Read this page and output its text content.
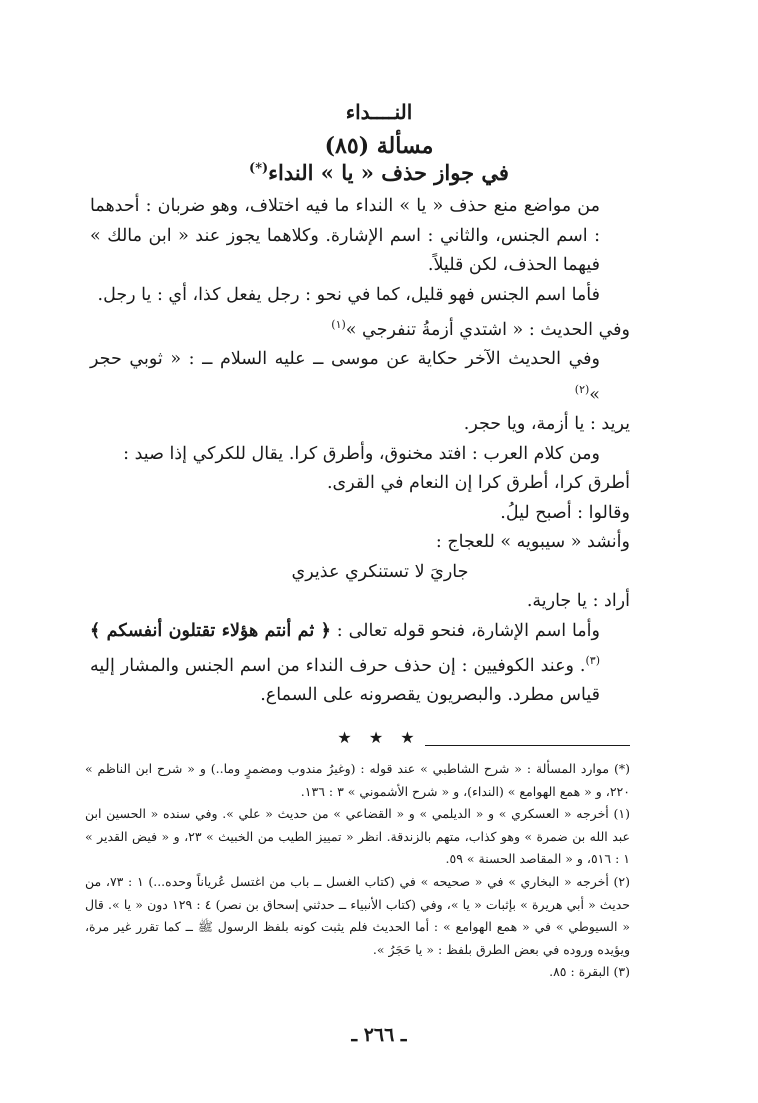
النــــداء
مسألة (٨٥)
في جواز حذف « يا » النداء(*)

من مواضع منع حذف « يا » النداء ما فيه اختلاف، وهو ضربان : أحدهما : اسم الجنس، والثاني : اسم الإشارة. وكلاهما يجوز عند « ابن مالك » فيهما الحذف، لكن قليلاً.

فأما اسم الجنس فهو قليل، كما في نحو : رجل يفعل كذا، أي : يا رجل.

وفي الحديث : « اشتدي أزمةُ تنفرجي »$^{(١)}$

وفي الحديث الآخر حكاية عن موسى ــ عليه السلام ــ : « ثوبي حجر »$^{(٢)}$

يريد : يا أزمة، ويا حجر.

ومن كلام العرب : افتد مخنوق، وأطرق كرا. يقال للكركي إذا صيد :

أطرق كرا، أطرق كرا إن النعام في القرى.

وقالوا : أصبح ليلُ.

وأنشد « سيبويه » للعجاج :

جاريَ لا تستنكري عذيري

أراد : يا جارية.

وأما اسم الإشارة، فنحو قوله تعالى : ﴿ ثم أنتم هؤلاء تقتلون أنفسكم ﴾$^{(٣)}$. وعند الكوفيين : إن حذف حرف النداء من اسم الجنس والمشار إليه قياس مطرد. والبصريون يقصرونه على السماع.

★ ★ ★

(*) موارد المسألة : « شرح الشاطبي » عند قوله : (وغيرُ مندوب ومضمرٍ وما..) و « شرح ابن الناظم » ٢٢٠، و « همع الهوامع » (النداء)، و « شرح الأشموني » ٣ : ١٣٦.

(١) أخرجه « العسكري » و « الديلمي » و « القضاعي » من حديث « علي ». وفي سنده « الحسين ابن عبد الله بن ضمرة » وهو كذاب، متهم بالزندقة. انظر « تمييز الطيب من الخبيث » ٢٣، و « فيض القدير » ١ : ٥١٦، و « المقاصد الحسنة » ٥٩.

(٢) أخرجه « البخاري » في « صحيحه » في (كتاب الغسل ــ باب من اغتسل عُرياناً وحده...) ١ : ٧٣، من حديث « أبي هريرة » بإثبات « يا »، وفي (كتاب الأنبياء ــ حدثني إسحاق بن نصر) ٤ : ١٢٩ دون « يا ». قال « السيوطي » في « همع الهوامع » : أما الحديث فلم يثبت كونه بلفظ الرسول ﷺ ــ كما تقرر غير مرة، ويؤيده وروده في بعض الطرق بلفظ : « يا حَجَرُ ».

(٣) البقرة : ٨٥.

ـ ٢٦٦ ـ
